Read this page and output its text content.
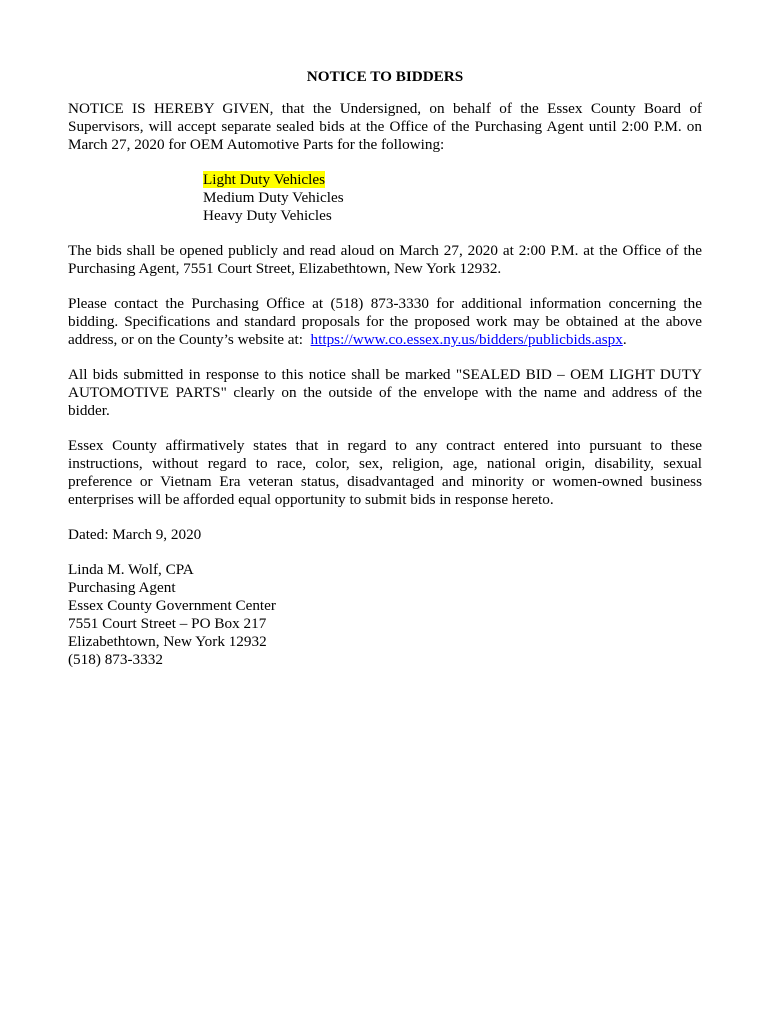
NOTICE TO BIDDERS
NOTICE IS HEREBY GIVEN, that the Undersigned, on behalf of the Essex County Board of Supervisors, will accept separate sealed bids at the Office of the Purchasing Agent until 2:00 P.M. on March 27, 2020 for OEM Automotive Parts for the following:
Light Duty Vehicles
Medium Duty Vehicles
Heavy Duty Vehicles
The bids shall be opened publicly and read aloud on March 27, 2020 at 2:00 P.M. at the Office of the Purchasing Agent, 7551 Court Street, Elizabethtown, New York 12932.
Please contact the Purchasing Office at (518) 873-3330 for additional information concerning the bidding. Specifications and standard proposals for the proposed work may be obtained at the above address, or on the County’s website at: https://www.co.essex.ny.us/bidders/publicbids.aspx.
All bids submitted in response to this notice shall be marked "SEALED BID – OEM LIGHT DUTY AUTOMOTIVE PARTS" clearly on the outside of the envelope with the name and address of the bidder.
Essex County affirmatively states that in regard to any contract entered into pursuant to these instructions, without regard to race, color, sex, religion, age, national origin, disability, sexual preference or Vietnam Era veteran status, disadvantaged and minority or women-owned business enterprises will be afforded equal opportunity to submit bids in response hereto.
Dated: March 9, 2020
Linda M. Wolf, CPA
Purchasing Agent
Essex County Government Center
7551 Court Street – PO Box 217
Elizabethtown, New York 12932
(518) 873-3332
